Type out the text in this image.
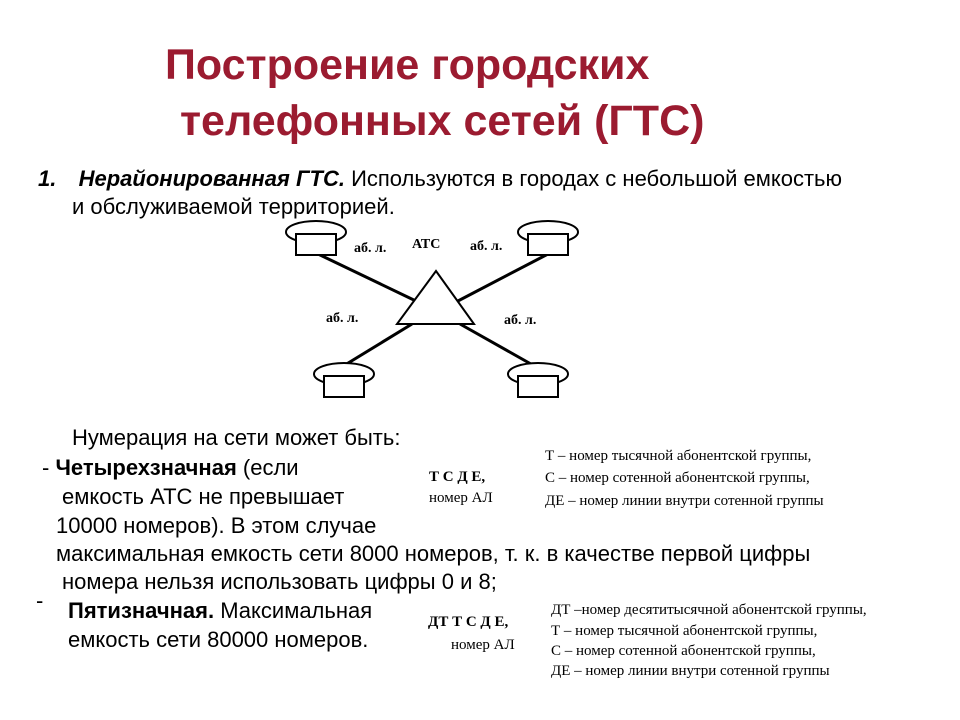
Построение городских
телефонных сетей (ГТС)
1. Нерайонированная ГТС. Используются в городах с небольшой емкостью
и обслуживаемой территорией.
АТС
аб. л.	аб. л.
аб. л.	аб. л.
Нумерация на сети может быть:
- Четырехзначная (если
емкость АТС не превышает
10000 номеров). В этом случае
максимальная емкость сети 8000 номеров, т. к. в качестве первой цифры
номера нельзя использовать цифры 0 и 8;
Т С Д Е,
номер АЛ
Т – номер тысячной абонентской группы,
С – номер сотенной абонентской группы,
ДЕ – номер линии внутри сотенной группы
- Пятизначная. Максимальная
емкость сети 80000 номеров.
ДТ Т С Д Е,
номер АЛ
ДТ –номер десятитысячной абонентской группы,
Т – номер тысячной абонентской группы,
С – номер сотенной абонентской группы,
ДЕ – номер линии внутри сотенной группы
